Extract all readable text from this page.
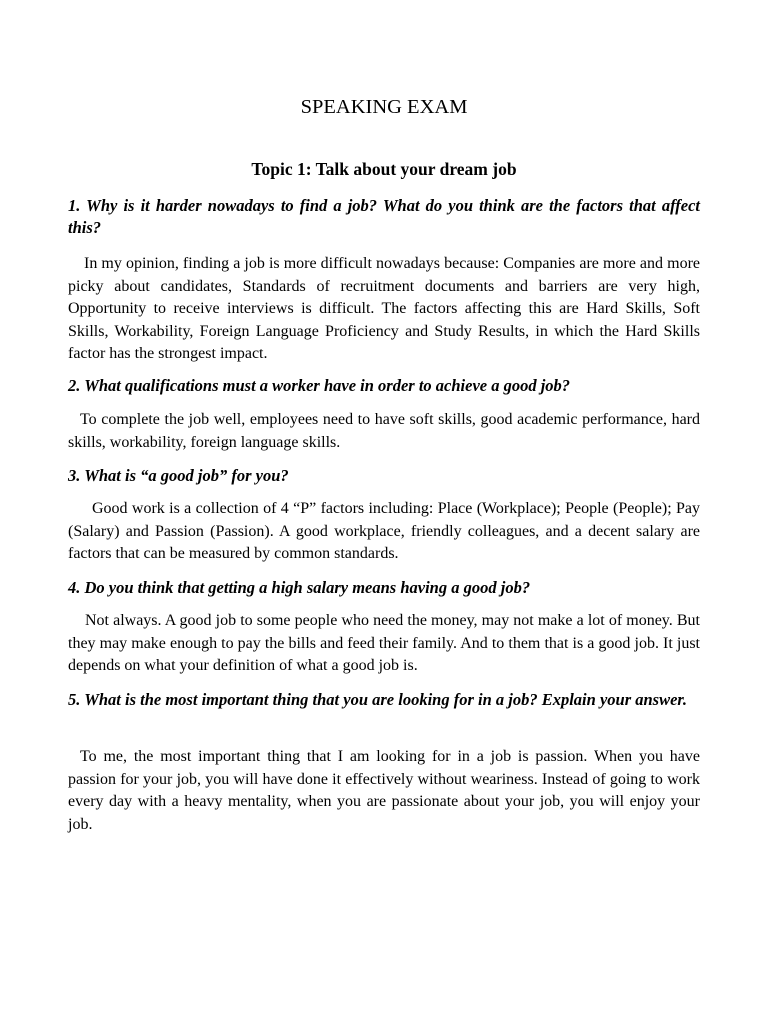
SPEAKING EXAM
Topic 1: Talk about your dream job

1. Why is it harder nowadays to find a job? What do you think are the factors that affect this?

In my opinion, finding a job is more difficult nowadays because: Companies are more and more picky about candidates, Standards of recruitment documents and barriers are very high, Opportunity to receive interviews is difficult. The factors affecting this are Hard Skills, Soft Skills, Workability, Foreign Language Proficiency and Study Results, in which the Hard Skills factor has the strongest impact.

2. What qualifications must a worker have in order to achieve a good job?

To complete the job well, employees need to have soft skills, good academic performance, hard skills, workability, foreign language skills.

3. What is “a good job” for you?

Good work is a collection of 4 “P” factors including: Place (Workplace); People (People); Pay (Salary) and Passion (Passion). A good workplace, friendly colleagues, and a decent salary are factors that can be measured by common standards.

4. Do you think that getting a high salary means having a good job?

Not always. A good job to some people who need the money, may not make a lot of money. But they may make enough to pay the bills and feed their family. And to them that is a good job. It just depends on what your definition of what a good job is.

5. What is the most important thing that you are looking for in a job? Explain your answer.

To me, the most important thing that I am looking for in a job is passion. When you have passion for your job, you will have done it effectively without weariness. Instead of going to work every day with a heavy mentality, when you are passionate about your job, you will enjoy your job.
